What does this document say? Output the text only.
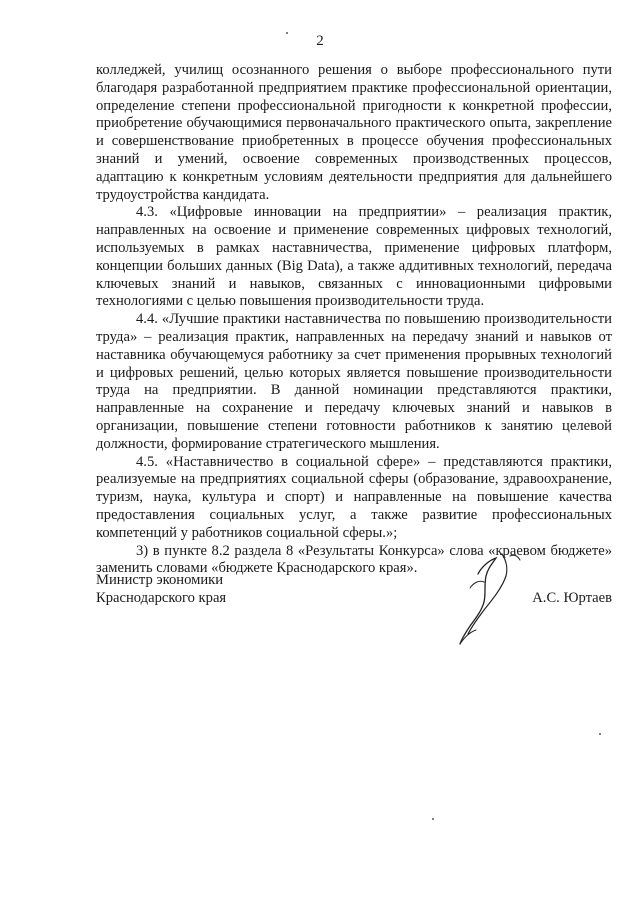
2

колледжей, училищ осознанного решения о выборе профессионального пути благодаря разработанной предприятием практике профессиональной ориентации, определение степени профессиональной пригодности к конкретной профессии, приобретение обучающимися первоначального практического опыта, закрепление и совершенствование приобретенных в процессе обучения профессиональных знаний и умений, освоение современных производственных процессов, адаптацию к конкретным условиям деятельности предприятия для дальнейшего трудоустройства кандидата.

4.3. «Цифровые инновации на предприятии» – реализация практик, направленных на освоение и применение современных цифровых технологий, используемых в рамках наставничества, применение цифровых платформ, концепции больших данных (Big Data), а также аддитивных технологий, передача ключевых знаний и навыков, связанных с инновационными цифровыми технологиями с целью повышения производительности труда.

4.4. «Лучшие практики наставничества по повышению производительности труда» – реализация практик, направленных на передачу знаний и навыков от наставника обучающемуся работнику за счет применения прорывных технологий и цифровых решений, целью которых является повышение производительности труда на предприятии. В данной номинации представляются практики, направленные на сохранение и передачу ключевых знаний и навыков в организации, повышение степени готовности работников к занятию целевой должности, формирование стратегического мышления.

4.5. «Наставничество в социальной сфере» – представляются практики, реализуемые на предприятиях социальной сферы (образование, здравоохранение, туризм, наука, культура и спорт) и направленные на повышение качества предоставления социальных услуг, а также развитие профессиональных компетенций у работников социальной сферы.»;

3) в пункте 8.2 раздела 8 «Результаты Конкурса» слова «краевом бюджете» заменить словами «бюджете Краснодарского края».

Министр экономики
Краснодарского края	А.С. Юртаев
